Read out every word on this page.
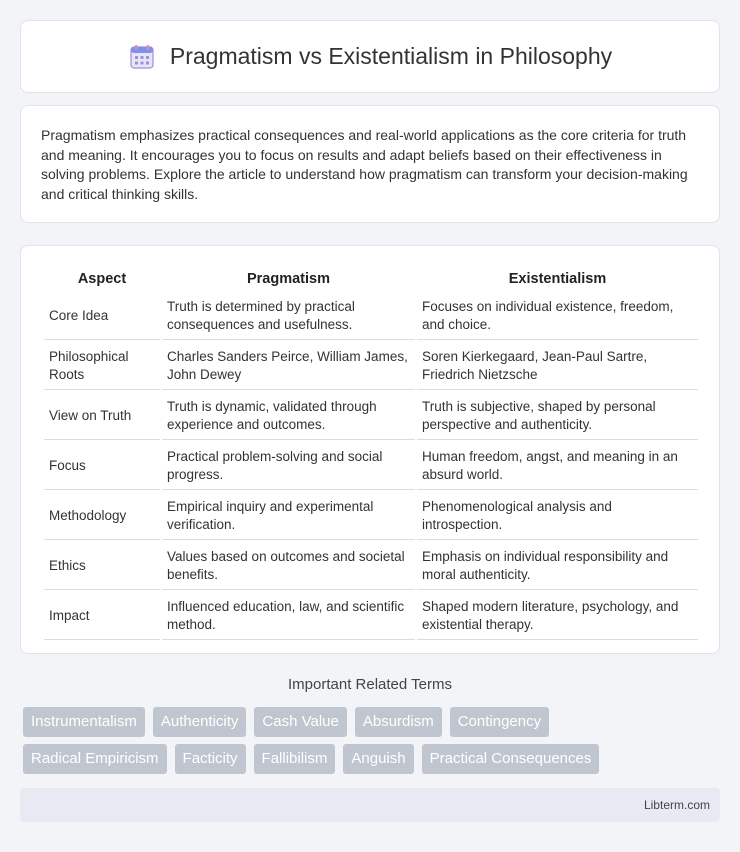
Pragmatism vs Existentialism in Philosophy

Pragmatism emphasizes practical consequences and real-world applications as the core criteria for truth and meaning. It encourages you to focus on results and adapt beliefs based on their effectiveness in solving problems. Explore the article to understand how pragmatism can transform your decision-making and critical thinking skills.

Aspect	Pragmatism	Existentialism
Core Idea	Truth is determined by practical consequences and usefulness.	Focuses on individual existence, freedom, and choice.
Philosophical Roots	Charles Sanders Peirce, William James, John Dewey	Soren Kierkegaard, Jean-Paul Sartre, Friedrich Nietzsche
View on Truth	Truth is dynamic, validated through experience and outcomes.	Truth is subjective, shaped by personal perspective and authenticity.
Focus	Practical problem-solving and social progress.	Human freedom, angst, and meaning in an absurd world.
Methodology	Empirical inquiry and experimental verification.	Phenomenological analysis and introspection.
Ethics	Values based on outcomes and societal benefits.	Emphasis on individual responsibility and moral authenticity.
Impact	Influenced education, law, and scientific method.	Shaped modern literature, psychology, and existential therapy.
Important Related Terms
Instrumentalism	Authenticity	Cash Value	Absurdism	Contingency
Radical Empiricism	Facticity	Fallibilism	Anguish	Practical Consequences
Libterm.com
